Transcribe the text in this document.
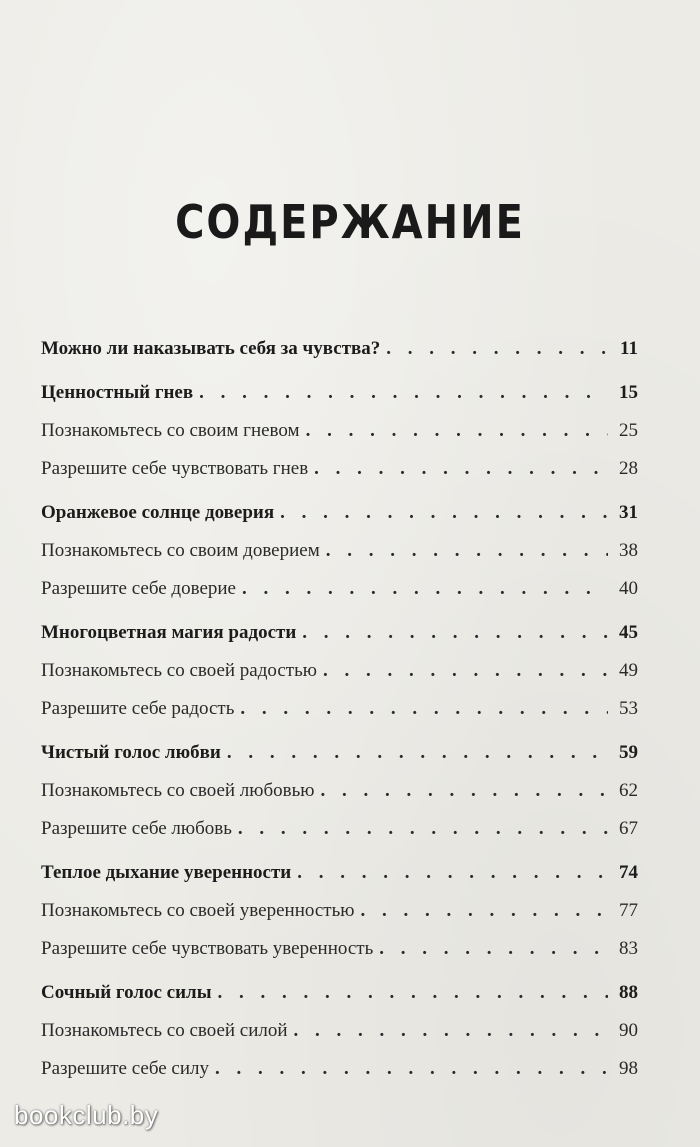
СОДЕРЖАНИЕ
Можно ли наказывать себя за чувства? . . .	11
Ценностный гнев . . .	15
Познакомьтесь со своим гневом . . .	25
Разрешите себе чувствовать гнев . . .	28
Оранжевое солнце доверия . . .	31
Познакомьтесь со своим доверием . . .	38
Разрешите себе доверие . . .	40
Многоцветная магия радости . . .	45
Познакомьтесь со своей радостью . . .	49
Разрешите себе радость . . .	53
Чистый голос любви . . .	59
Познакомьтесь со своей любовью . . .	62
Разрешите себе любовь . . .	67
Теплое дыхание уверенности . . .	74
Познакомьтесь со своей уверенностью . . .	77
Разрешите себе чувствовать уверенность . . .	83
Сочный голос силы . . .	88
Познакомьтесь со своей силой . . .	90
Разрешите себе силу . . .	98
bookclub.by
